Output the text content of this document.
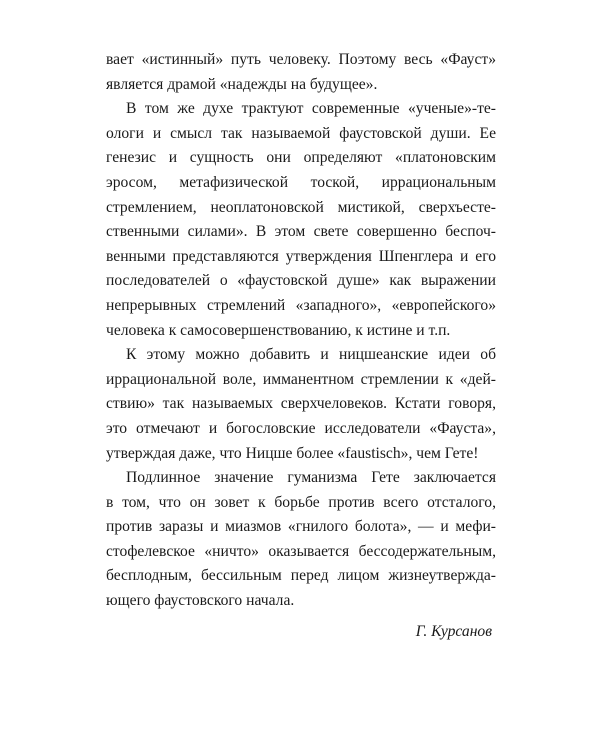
вает «истинный» путь человеку. Поэтому весь «Фауст»
является драмой «надежды на будущее».

В том же духе трактуют современные «ученые»-те-
ологи и смысл так называемой фаустовской души. Ее
генезис и сущность они определяют «платоновским
эросом, метафизической тоской, иррациональным
стремлением, неоплатоновской мистикой, сверхъесте-
ственными силами». В этом свете совершенно беспоч-
венными представляются утверждения Шпенглера и его
последователей о «фаустовской душе» как выражении
непрерывных стремлений «западного», «европейского»
человека к самосовершенствованию, к истине и т.п.

К этому можно добавить и ницшеанские идеи об
иррациональной воле, имманентном стремлении к «дей-
ствию» так называемых сверхчеловеков. Кстати говоря,
это отмечают и богословские исследователи «Фауста»,
утверждая даже, что Ницше более «faustisch», чем Гете!

Подлинное значение гуманизма Гете заключается
в том, что он зовет к борьбе против всего отсталого,
против заразы и миазмов «гнилого болота», — и мефи-
стофелевское «ничто» оказывается бессодержательным,
бесплодным, бессильным перед лицом жизнеутвержда-
ющего фаустовского начала.

Г. Курсанов
